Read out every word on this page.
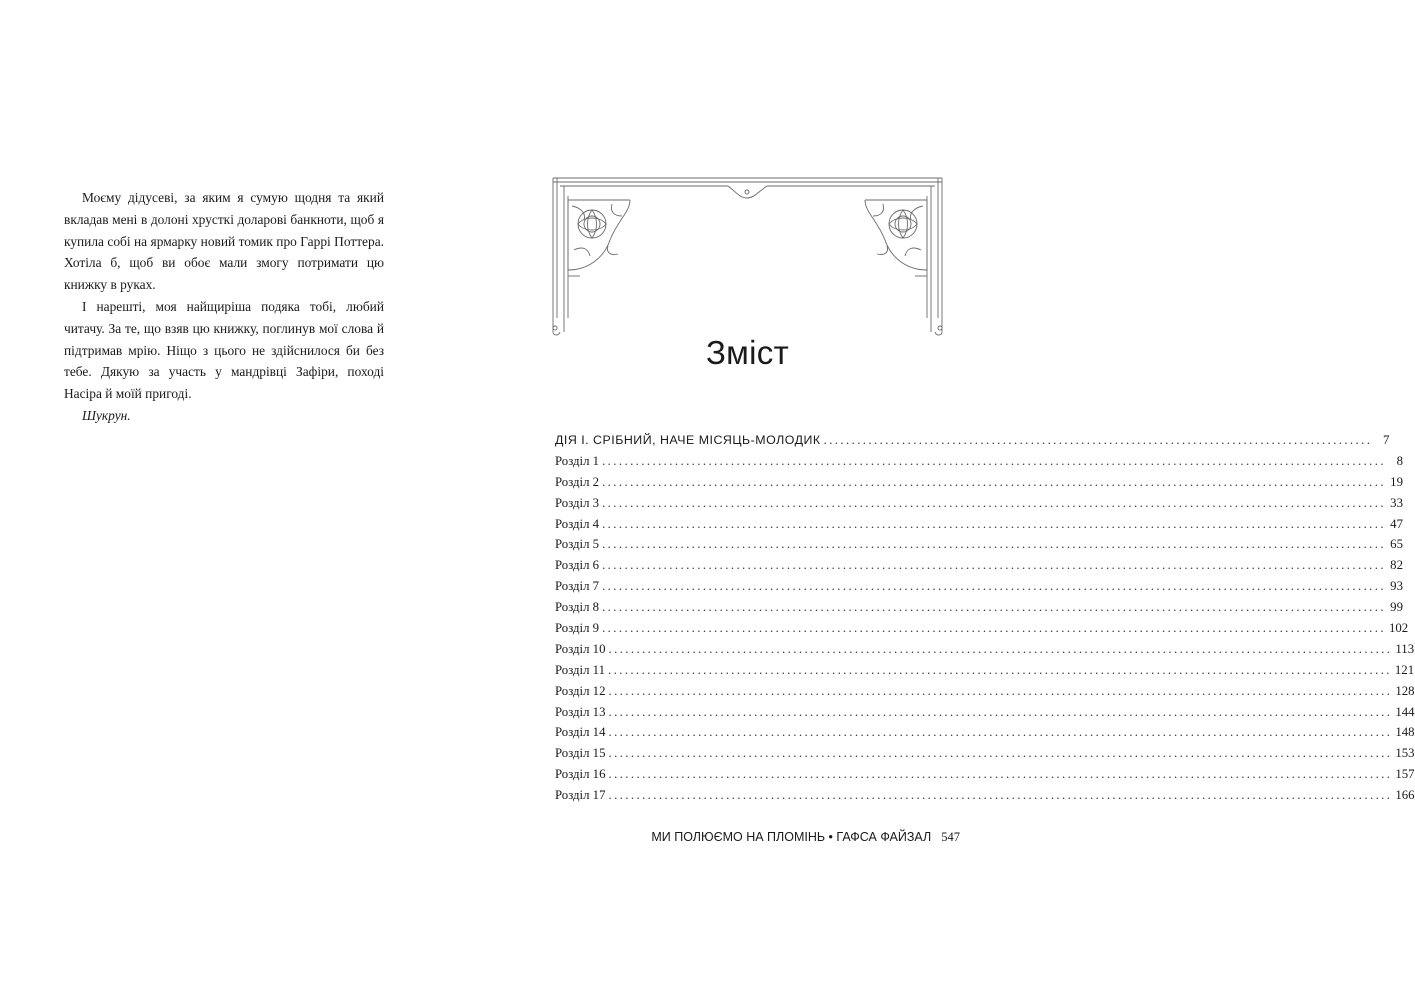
Моєму дідусеві, за яким я сумую щодня та який вкладав мені в долоні хрусткі доларові банкноти, щоб я купила собі на ярмарку новий томик про Гаррі Поттера. Хотіла б, щоб ви обоє мали змогу потримати цю книжку в руках.

І нарешті, моя найщиріша подяка тобі, любий читачу. За те, що взяв цю книжку, поглинув мої слова й підтримав мрію. Ніщо з цього не здійснилося би без тебе. Дякую за участь у мандрівці Зафіри, поході Насіра й моїй пригоді.

Шукрун.

Зміст
ДІЯ І. СРІБНИЙ, НАЧЕ МІСЯЦЬ-МОЛОДИК .................................................................................................. 7
Розділ 1 ............................................................................................................................................ 8
Розділ 2 ............................................................................................................................................ 19
Розділ 3 ............................................................................................................................................ 33
Розділ 4 ............................................................................................................................................ 47
Розділ 5 ............................................................................................................................................ 65
Розділ 6 ............................................................................................................................................ 82
Розділ 7 ............................................................................................................................................ 93
Розділ 8 ............................................................................................................................................ 99
Розділ 9 ............................................................................................................................................ 102
Розділ 10 ............................................................................................................................................ 113
Розділ 11 ............................................................................................................................................ 121
Розділ 12 ............................................................................................................................................ 128
Розділ 13 ............................................................................................................................................ 144
Розділ 14 ............................................................................................................................................ 148
Розділ 15 ............................................................................................................................................ 153
Розділ 16 ............................................................................................................................................ 157
Розділ 17 ............................................................................................................................................ 166
МИ ПОЛЮЄМО НА ПЛОМІНЬ • ГАФСА ФАЙЗАЛ 547
